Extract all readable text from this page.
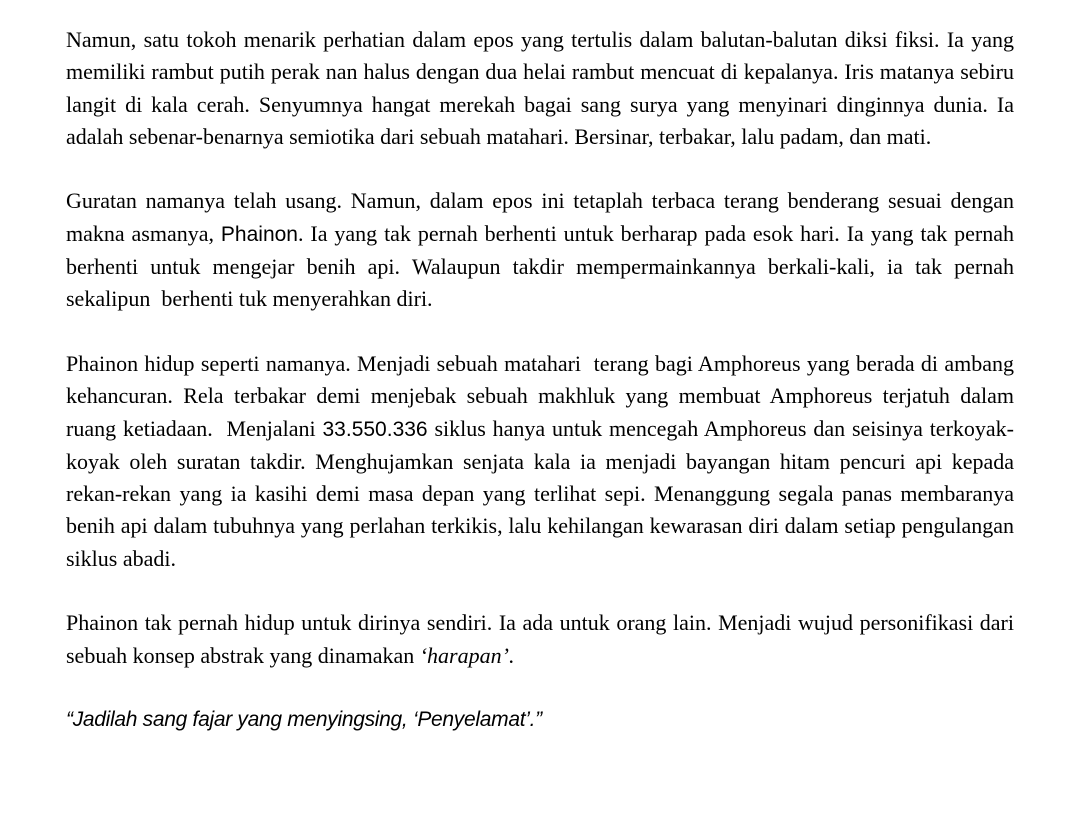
Namun, satu tokoh menarik perhatian dalam epos yang tertulis dalam balutan-balutan diksi fiksi. Ia yang memiliki rambut putih perak nan halus dengan dua helai rambut mencuat di kepalanya. Iris matanya sebiru langit di kala cerah. Senyumnya hangat merekah bagai sang surya yang menyinari dinginnya dunia. Ia adalah sebenar-benarnya semiotika dari sebuah matahari. Bersinar, terbakar, lalu padam, dan mati.

Guratan namanya telah usang. Namun, dalam epos ini tetaplah terbaca terang benderang sesuai dengan makna asmanya, Phainon. Ia yang tak pernah berhenti untuk berharap pada esok hari. Ia yang tak pernah berhenti untuk mengejar benih api. Walaupun takdir mempermainkannya berkali-kali, ia tak pernah sekalipun  berhenti tuk menyerahkan diri.

Phainon hidup seperti namanya. Menjadi sebuah matahari  terang bagi Amphoreus yang berada di ambang kehancuran. Rela terbakar demi menjebak sebuah makhluk yang membuat Amphoreus terjatuh dalam ruang ketiadaan.  Menjalani 33.550.336 siklus hanya untuk mencegah Amphoreus dan seisinya terkoyak-koyak oleh suratan takdir. Menghujamkan senjata kala ia menjadi bayangan hitam pencuri api kepada rekan-rekan yang ia kasihi demi masa depan yang terlihat sepi. Menanggung segala panas membaranya benih api dalam tubuhnya yang perlahan terkikis, lalu kehilangan kewarasan diri dalam setiap pengulangan siklus abadi.

Phainon tak pernah hidup untuk dirinya sendiri. Ia ada untuk orang lain. Menjadi wujud personifikasi dari sebuah konsep abstrak yang dinamakan ‘harapan’.

“Jadilah sang fajar yang menyingsing, ‘Penyelamat’.”
